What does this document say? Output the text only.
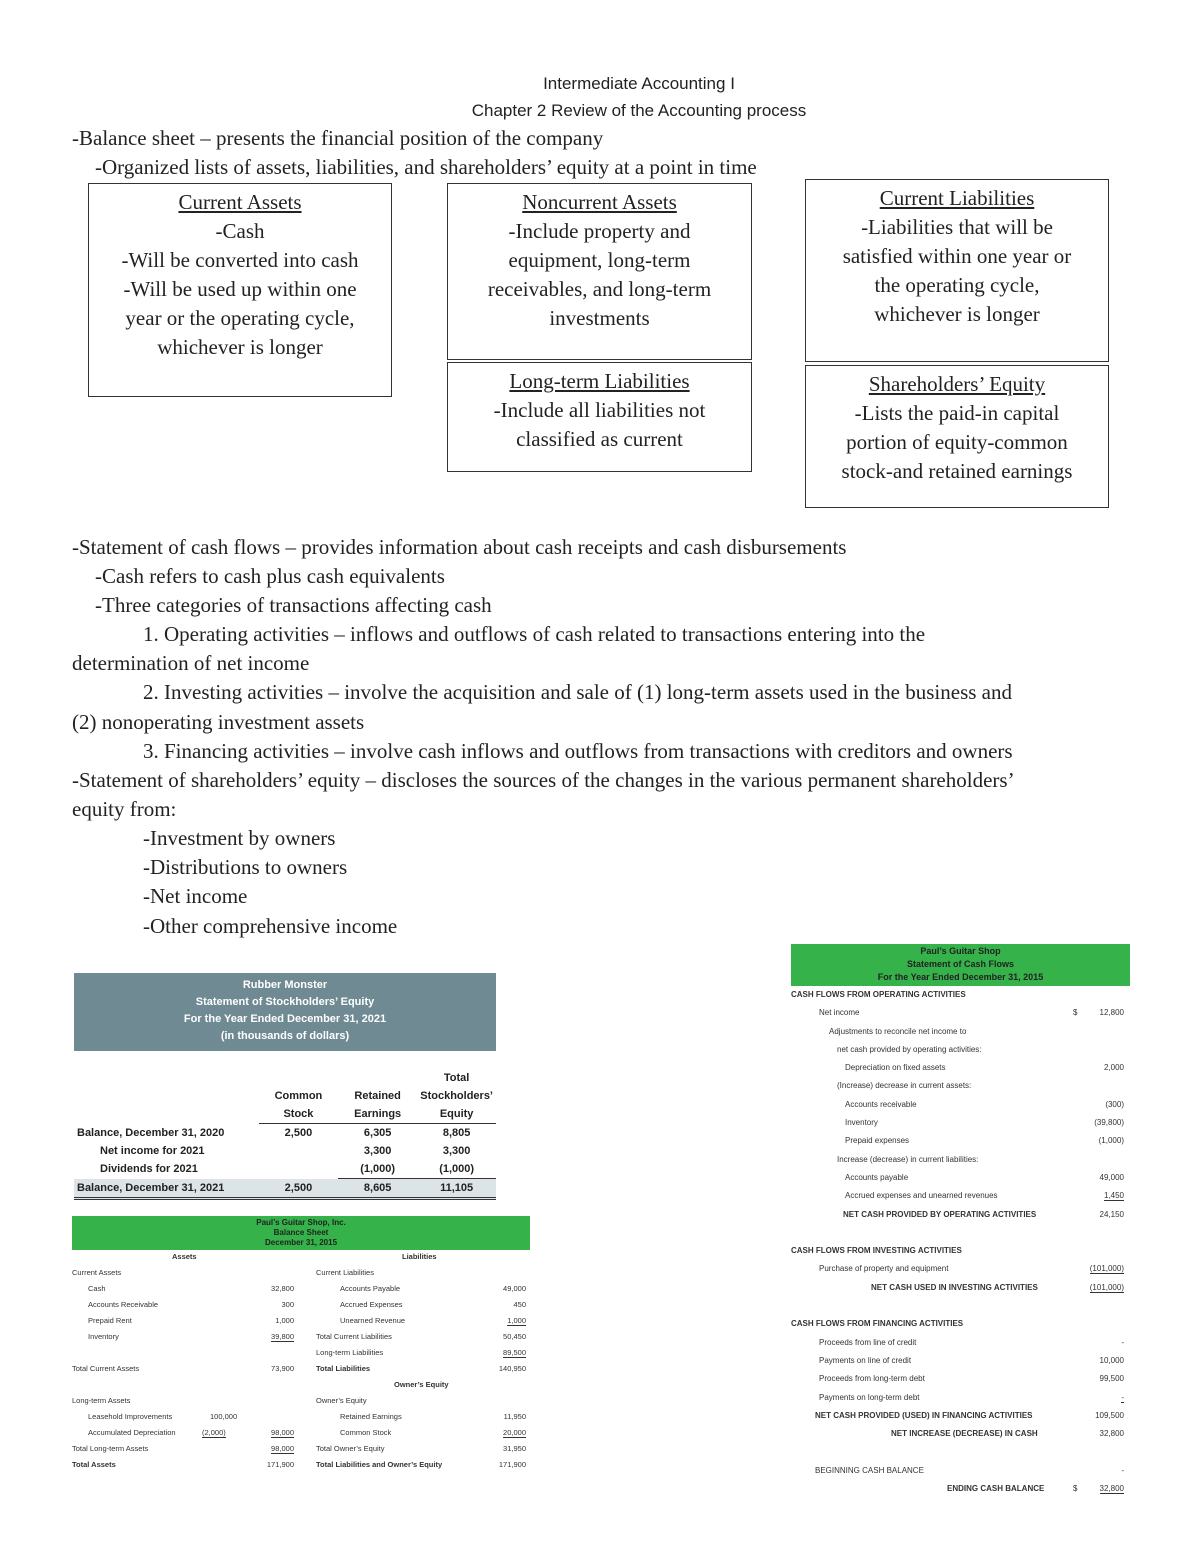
Intermediate Accounting I
Chapter 2 Review of the Accounting process
-Balance sheet – presents the financial position of the company
-Organized lists of assets, liabilities, and shareholders’ equity at a point in time
Current Assets
-Cash
-Will be converted into cash
-Will be used up within one
year or the operating cycle,
whichever is longer
Noncurrent Assets
-Include property and
equipment, long-term
receivables, and long-term
investments
Current Liabilities
-Liabilities that will be
satisfied within one year or
the operating cycle,
whichever is longer
Long-term Liabilities
-Include all liabilities not
classified as current
Shareholders’ Equity
-Lists the paid-in capital
portion of equity-common
stock-and retained earnings
-Statement of cash flows – provides information about cash receipts and cash disbursements
-Cash refers to cash plus cash equivalents
-Three categories of transactions affecting cash
1. Operating activities – inflows and outflows of cash related to transactions entering into the
determination of net income
2. Investing activities – involve the acquisition and sale of (1) long-term assets used in the business and
(2) nonoperating investment assets
3. Financing activities – involve cash inflows and outflows from transactions with creditors and owners
-Statement of shareholders’ equity – discloses the sources of the changes in the various permanent shareholders’
equity from:
-Investment by owners
-Distributions to owners
-Net income
-Other comprehensive income
Rubber Monster
Statement of Stockholders’ Equity
For the Year Ended December 31, 2021
(in thousands of dollars)

			Total
	Common	Retained	Stockholders’
	Stock	Earnings	Equity
Balance, December 31, 2020	2,500	6,305	8,805
Net income for 2021		3,300	3,300
Dividends for 2021		(1,000)	(1,000)
Balance, December 31, 2021	2,500	8,605	11,105
Paul’s Guitar Shop, Inc.
Balance Sheet
December 31, 2015
Assets	Liabilities
Current Assets	Current Liabilities
Cash	32,800	Accounts Payable	49,000
Accounts Receivable	300	Accrued Expenses	450
Prepaid Rent	1,000	Unearned Revenue	1,000
Inventory	39,800	Total Current Liabilities	50,450
Long-term Liabilities	89,500
Total Current Assets	73,900	Total Liabilities	140,950
Owner’s Equity
Long-term Assets	Owner’s Equity
Leasehold Improvements	100,000	Retained Earnings	11,950
Accumulated Depreciation	(2,000)	98,000	Common Stock	20,000
Total Long-term Assets	98,000	Total Owner’s Equity	31,950
Total Assets	171,900	Total Liabilities and Owner’s Equity	171,900
Paul’s Guitar Shop
Statement of Cash Flows
For the Year Ended December 31, 2015
CASH FLOWS FROM OPERATING ACTIVITIES
Net income	$	12,800
Adjustments to reconcile net income to
net cash provided by operating activities:
Depreciation on fixed assets	2,000
(Increase) decrease in current assets:
Accounts receivable	(300)
Inventory	(39,800)
Prepaid expenses	(1,000)
Increase (decrease) in current liabilities:
Accounts payable	49,000
Accrued expenses and unearned revenues	1,450
NET CASH PROVIDED BY OPERATING ACTIVITIES	24,150
CASH FLOWS FROM INVESTING ACTIVITIES
Purchase of property and equipment	(101,000)
NET CASH USED IN INVESTING ACTIVITIES	(101,000)
CASH FLOWS FROM FINANCING ACTIVITIES
Proceeds from line of credit	-
Payments on line of credit	10,000
Proceeds from long-term debt	99,500
Payments on long-term debt	-
NET CASH PROVIDED (USED) IN FINANCING ACTIVITIES	109,500
NET INCREASE (DECREASE) IN CASH	32,800
BEGINNING CASH BALANCE	-
ENDING CASH BALANCE	$	32,800
